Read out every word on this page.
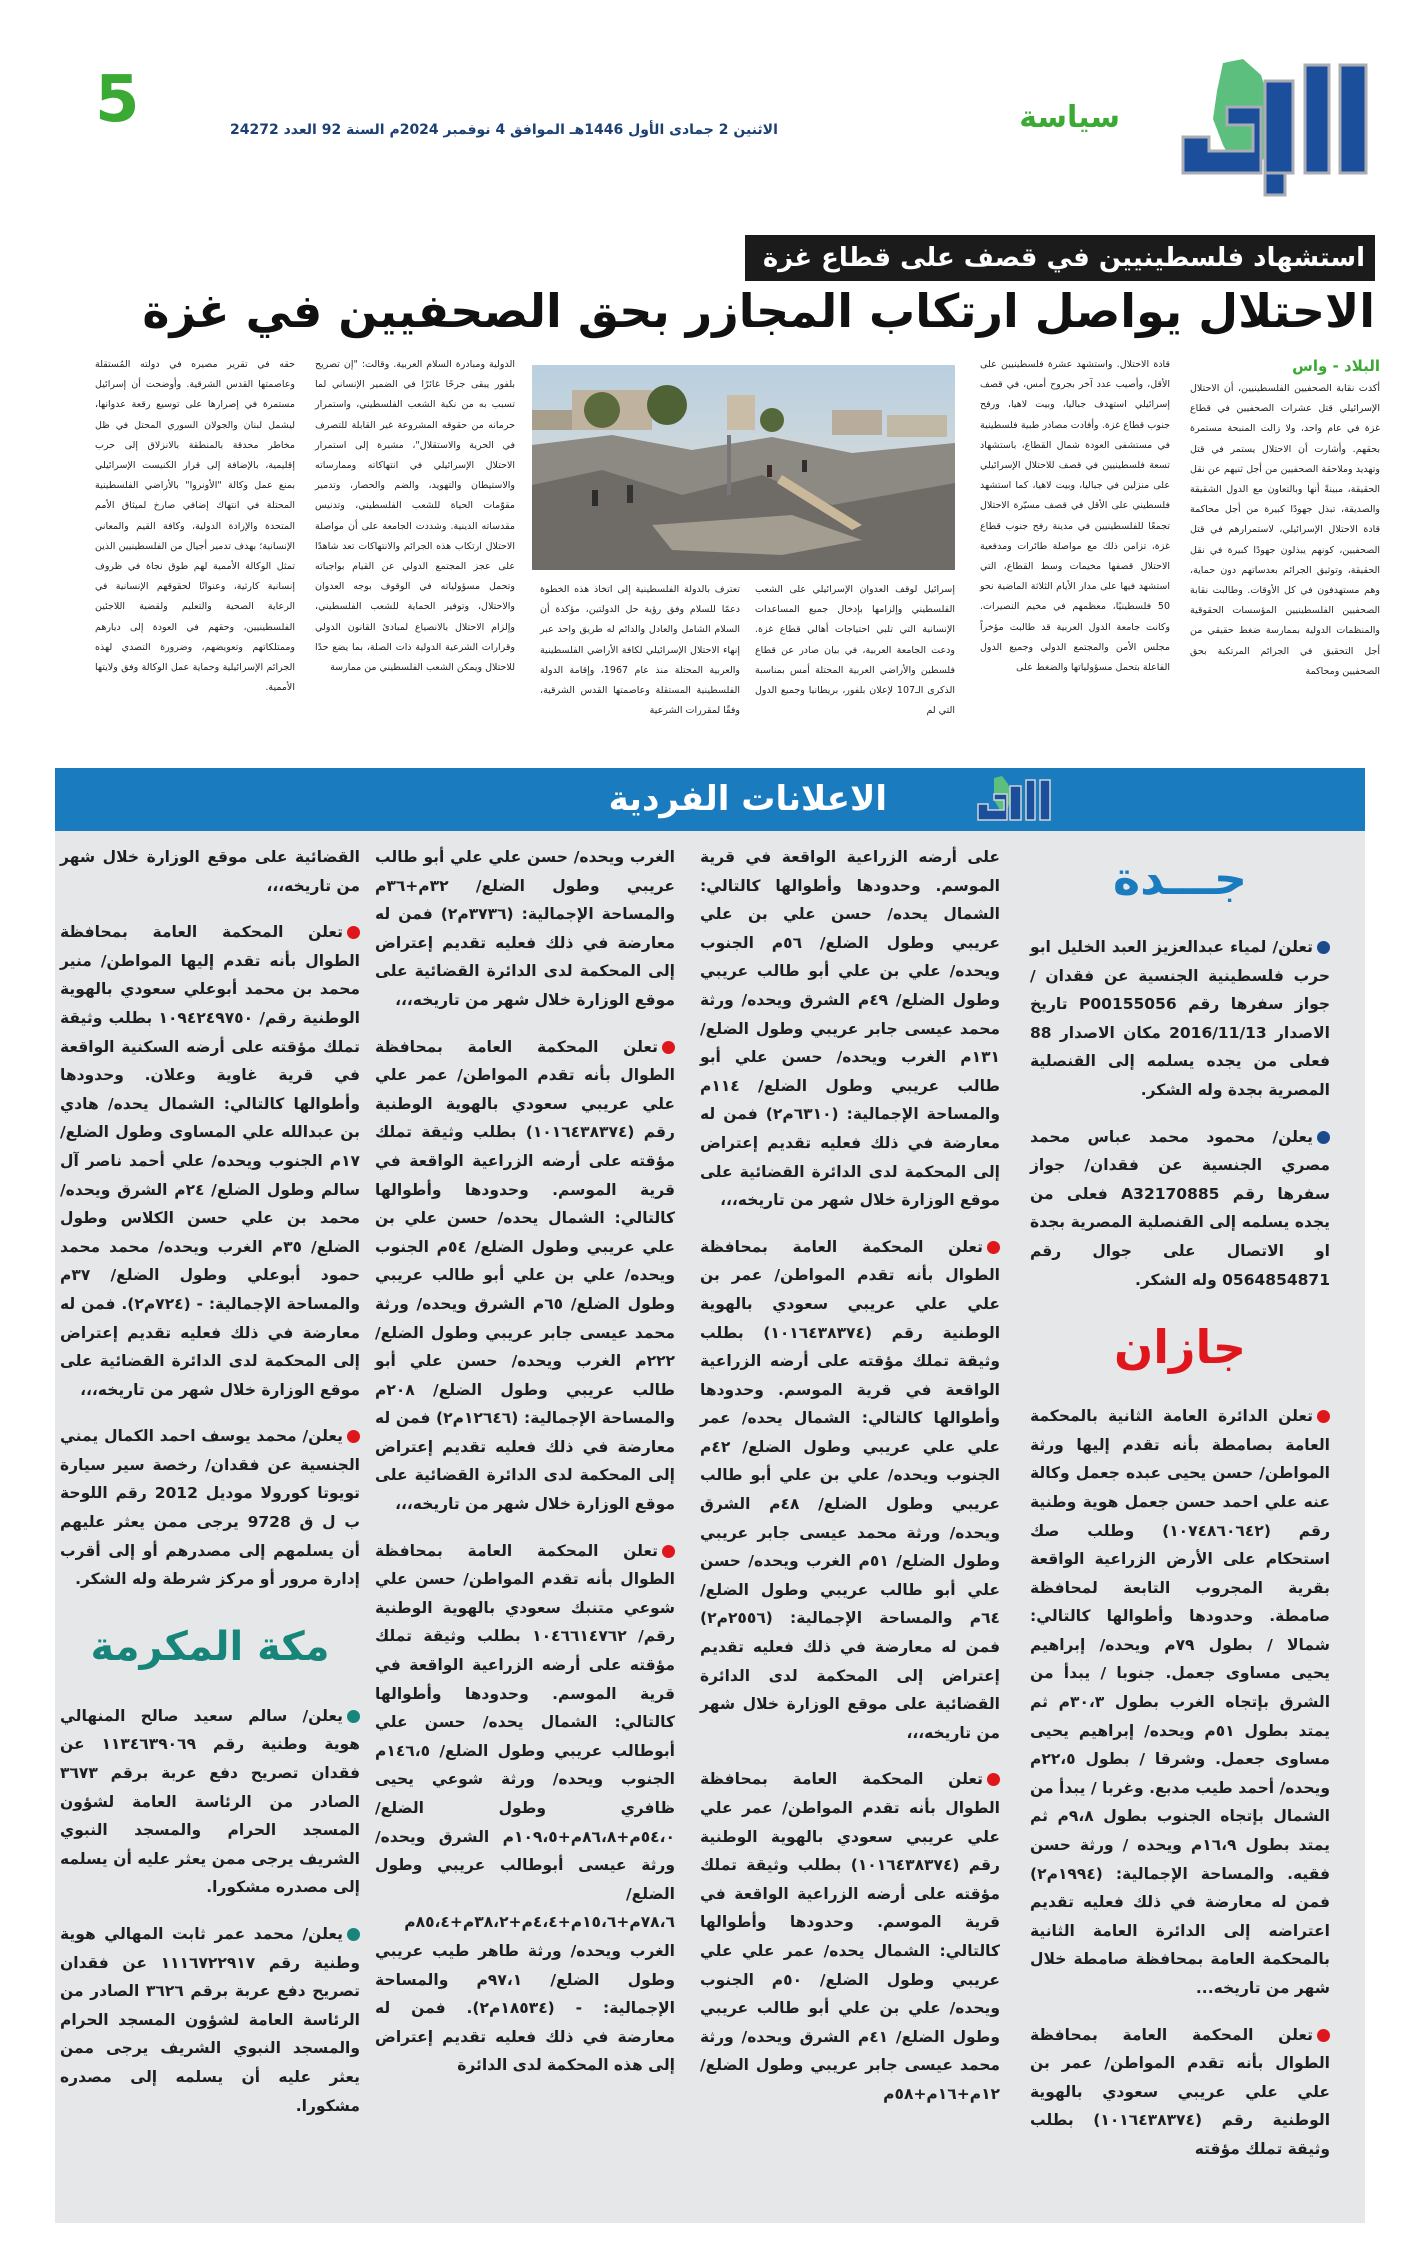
سياسة
الاثنين 2 جمادى الأول 1446هـ الموافق 4 نوفمبر 2024م السنة 92 العدد 24272
5
استشهاد فلسطينيين في قصف على قطاع غزة
الاحتلال يواصل ارتكاب المجازر بحق الصحفيين في غزة
البلاد - واس

أكدت نقابة الصحفيين الفلسطينيين، أن الاحتلال الإسرائيلي قتل عشرات الصحفيين في قطاع غزة في عام واحد، ولا زالت المنبحة مستمرة بحقهم. وأشارت أن الاحتلال يستمر في قتل وتهديد وملاحقة الصحفيين من أجل ثنيهم عن نقل الحقيقة، مبينةً أنها وبالتعاون مع الدول الشقيقة والصديقة، تبذل جهودًا كبيرة من أجل محاكمة قادة الاحتلال الإسرائيلي، لاستمرارهم في قتل الصحفيين، كونهم يبذلون جهودًا كبيرة في نقل الحقيقة، وتوثيق الجرائم بعدساتهم دون حماية، وهم مستهدفون في كل الأوقات. وطالبت نقابة الصحفيين الفلسطينيين المؤسسات الحقوقية والمنظمات الدولية بممارسة ضغط حقيقي من أجل التحقيق في الجرائم المرتكبة بحق الصحفيين ومحاكمة

قادة الاحتلال. واستشهد عشرة فلسطينيين على الأقل، وأصيب عدد آخر بجروح أمس، في قصف إسرائيلي استهدف جباليا، وبيت لاهيا، ورفح جنوب قطاع غزة. وأفادت مصادر طبية فلسطينية في مستشفى العودة شمال القطاع، باستشهاد تسعة فلسطينيين في قصف للاحتلال الإسرائيلي على منزلين في جباليا، وبيت لاهيا، كما استشهد فلسطيني على الأقل في قصف مسيّرة الاحتلال تجمعًا للفلسطينيين في مدينة رفح جنوب قطاع غزة، تزامن ذلك مع مواصلة طائرات ومدفعية الاحتلال قصفها مخيمات وسط القطاع، التي استشهد فيها على مدار الأيام الثلاثة الماضية نحو 50 فلسطينيًا، معظمهم في مخيم النصيرات. وكانت جامعة الدول العربية قد طالبت مؤخراً مجلس الأمن والمجتمع الدولي وجميع الدول الفاعلة بتحمل مسؤولياتها والضغط على

إسرائيل لوقف العدوان الإسرائيلي على الشعب الفلسطيني وإلزامها بإدخال جميع المساعدات الإنسانية التي تلبي احتياجات أهالي قطاع غزة. ودعت الجامعة العربية، في بيان صادر عن قطاع فلسطين والأراضي العربية المحتلة أمس بمناسبة الذكرى الـ107 لإعلان بلفور، بريطانيا وجميع الدول التي لم

تعترف بالدولة الفلسطينية إلى اتخاذ هذه الخطوة دعمًا للسلام وفق رؤية حل الدولتين، مؤكدة أن السلام الشامل والعادل والدائم له طريق واحد عبر إنهاء الاحتلال الإسرائيلي لكافة الأراضي الفلسطينية والعربية المحتلة منذ عام 1967، وإقامة الدولة الفلسطينية المستقلة وعاصمتها القدس الشرقية، وفقًا لمقررات الشرعية

الدولية ومبادرة السلام العربية. وقالت: "إن تصريح بلفور يبقى جرحًا غائرًا في الضمير الإنساني لما تسبب به من نكبة الشعب الفلسطيني، واستمرار حرمانه من حقوقه المشروعة غير القابلة للتصرف في الحرية والاستقلال"، مشيرة إلى استمرار الاحتلال الإسرائيلي في انتهاكاته وممارساته والاستيطان والتهويد، والضم والحصار، وتدمير مقوّمات الحياة للشعب الفلسطيني، وتدنيس مقدساته الدينية. وشددت الجامعة على أن مواصلة الاحتلال ارتكاب هذه الجرائم والانتهاكات تعد شاهدًا على عجز المجتمع الدولي عن القيام بواجباته وتحمل مسؤولياته في الوقوف بوجه العدوان والاحتلال، وتوفير الحماية للشعب الفلسطيني، وإلزام الاحتلال بالانصياع لمبادئ القانون الدولي وقرارات الشرعية الدولية ذات الصلة، بما يضع حدًا للاحتلال ويمكن الشعب الفلسطيني من ممارسة

حقه في تقرير مصيره في دولته المُستقلة وعاصمتها القدس الشرقية. وأوضحت أن إسرائيل مستمرة في إصرارها على توسيع رقعة عدوانها، ليشمل لبنان والجولان السوري المحتل في ظل مخاطر محدقة بالمنطقة بالانزلاق إلى حرب إقليمية، بالإضافة إلى قرار الكنيست الإسرائيلي بمنع عمل وكالة "الأونروا" بالأراضي الفلسطينية المحتلة في انتهاك إضافي صارخ لميثاق الأمم المتحدة والإرادة الدولية، وكافة القيم والمعاني الإنسانية؛ بهدف تدمير أجيال من الفلسطينيين الذين تمثل الوكالة الأممية لهم طوق نجاة في ظروف إنسانية كارثية، وعنوانًا لحقوقهم الإنسانية في الرعاية الصحية والتعليم ولقضية اللاجئين الفلسطينيين، وحقهم في العودة إلى ديارهم وممتلكاتهم وتعويضهم، وضرورة التصدي لهذه الجرائم الإسرائيلية وحماية عمل الوكالة وفق ولايتها الأممية.

الاعلانات الفردية
جـــدة
تعلن/ لمياء عبدالعزيز العبد الخليل ابو حرب فلسطينية الجنسية عن فقدان / جواز سفرها رقم P00155056 تاريخ الاصدار 2016/11/13 مكان الاصدار 88 فعلى من يجده يسلمه إلى القنصلية المصرية بجدة وله الشكر.
يعلن/ محمود محمد عباس محمد مصري الجنسية عن فقدان/ جواز سفرها رقم A32170885 فعلى من يجده يسلمه إلى القنصلية المصرية بجدة او الاتصال على جوال رقم 0564854871 وله الشكر.
جازان
تعلن الدائرة العامة الثانية بالمحكمة العامة بصامطة بأنه تقدم إليها ورثة المواطن/ حسن يحيى عبده جعمل وكالة عنه علي احمد حسن جعمل هوية وطنية رقم (١٠٧٤٨٦٠٦٤٢) وطلب صك استحكام على الأرض الزراعية الواقعة بقرية المجروب التابعة لمحافظة صامطة. وحدودها وأطوالها كالتالي: شمالا / بطول ٧٩م ويحده/ إبراهيم يحيى مساوى جعمل. جنوبا / يبدأ من الشرق بإتجاه الغرب بطول ٣٠،٣م ثم يمتد بطول ٥١م ويحده/ إبراهيم يحيى مساوى جعمل. وشرقا / بطول ٢٢،٥م ويحده/ أحمد طيب مدبع. وغربا / يبدأ من الشمال بإتجاه الجنوب بطول ٩،٨م ثم يمتد بطول ١٦،٩م ويحده / ورثة حسن فقيه. والمساحة الإجمالية: (١٩٩٤م٢) فمن له معارضة في ذلك فعليه تقديم اعتراضه إلى الدائرة العامة الثانية بالمحكمة العامة بمحافظة صامطة خلال شهر من تاريخه...
تعلن المحكمة العامة بمحافظة الطوال بأنه تقدم المواطن/ عمر بن علي علي عريبي سعودي بالهوية الوطنية رقم (١٠١٦٤٣٨٣٧٤) بطلب وثيقة تملك مؤقته
على أرضه الزراعية الواقعة في قرية الموسم. وحدودها وأطوالها كالتالي: الشمال يحده/ حسن علي بن علي عريبي وطول الضلع/ ٥٦م الجنوب ويحده/ علي بن علي أبو طالب عريبي وطول الضلع/ ٤٩م الشرق ويحده/ ورثة محمد عيسى جابر عريبي وطول الضلع/ ١٣١م الغرب ويحده/ حسن علي أبو طالب عريبي وطول الضلع/ ١١٤م والمساحة الإجمالية: (٦٣١٠م٢) فمن له معارضة في ذلك فعليه تقديم إعتراض إلى المحكمة لدى الدائرة القضائية على موقع الوزارة خلال شهر من تاريخه،،،
تعلن المحكمة العامة بمحافظة الطوال بأنه تقدم المواطن/ عمر بن علي علي عريبي سعودي بالهوية الوطنية رقم (١٠١٦٤٣٨٣٧٤) بطلب وثيقة تملك مؤقته على أرضه الزراعية الواقعة في قرية الموسم. وحدودها وأطوالها كالتالي: الشمال يحده/ عمر علي علي عريبي وطول الضلع/ ٤٢م الجنوب ويحده/ علي بن علي أبو طالب عريبي وطول الضلع/ ٤٨م الشرق ويحده/ ورثة محمد عيسى جابر عريبي وطول الضلع/ ٥١م الغرب ويحده/ حسن علي أبو طالب عريبي وطول الضلع/ ٦٤م والمساحة الإجمالية: (٢٥٥٦م٢) فمن له معارضة في ذلك فعليه تقديم إعتراض إلى المحكمة لدى الدائرة القضائية على موقع الوزارة خلال شهر من تاريخه،،،
تعلن المحكمة العامة بمحافظة الطوال بأنه تقدم المواطن/ عمر علي علي عريبي سعودي بالهوية الوطنية رقم (١٠١٦٤٣٨٣٧٤) بطلب وثيقة تملك مؤقته على أرضه الزراعية الواقعة في قرية الموسم. وحدودها وأطوالها كالتالي: الشمال يحده/ عمر علي علي عريبي وطول الضلع/ ٥٠م الجنوب ويحده/ علي بن علي أبو طالب عريبي وطول الضلع/ ٤١م الشرق ويحده/ ورثة محمد عيسى جابر عريبي وطول الضلع/ ١٢م+١٦م+٥٨م
الغرب ويحده/ حسن علي علي أبو طالب عريبي وطول الضلع/ ٣٢م+٣٦م والمساحة الإجمالية: (٣٧٣٦م٢) فمن له معارضة في ذلك فعليه تقديم إعتراض إلى المحكمة لدى الدائرة القضائية على موقع الوزارة خلال شهر من تاريخه،،،
تعلن المحكمة العامة بمحافظة الطوال بأنه تقدم المواطن/ عمر علي علي عريبي سعودي بالهوية الوطنية رقم (١٠١٦٤٣٨٣٧٤) بطلب وثيقة تملك مؤقته على أرضه الزراعية الواقعة في قرية الموسم. وحدودها وأطوالها كالتالي: الشمال يحده/ حسن علي بن علي عريبي وطول الضلع/ ٥٤م الجنوب ويحده/ علي بن علي أبو طالب عريبي وطول الضلع/ ٦٥م الشرق ويحده/ ورثة محمد عيسى جابر عريبي وطول الضلع/ ٢٢٢م الغرب ويحده/ حسن علي أبو طالب عريبي وطول الضلع/ ٢٠٨م والمساحة الإجمالية: (١٢٦٤٦م٢) فمن له معارضة في ذلك فعليه تقديم إعتراض إلى المحكمة لدى الدائرة القضائية على موقع الوزارة خلال شهر من تاريخه،،،
تعلن المحكمة العامة بمحافظة الطوال بأنه تقدم المواطن/ حسن علي شوعي متنبك سعودي بالهوية الوطنية رقم/ ١٠٤٦٦١٤٧٦٢ بطلب وثيقة تملك مؤقته على أرضه الزراعية الواقعة في قرية الموسم. وحدودها وأطوالها كالتالي: الشمال يحده/ حسن علي أبوطالب عريبي وطول الضلع/ ١٤٦،٥م الجنوب ويحده/ ورثة شوعي يحيى ظافري وطول الضلع/ ٥٤،٠م+٨٦،٨م+١٠٩،٥م الشرق ويحده/ ورثة عيسى أبوطالب عريبي وطول الضلع/ ٧٨،٦م+١٥،٦م+٤،٤م+٣٨،٢م+٨٥،٤م الغرب ويحده/ ورثة طاهر طيب عريبي وطول الضلع/ ٩٧،١م والمساحة الإجمالية: - (١٨٥٣٤م٢). فمن له معارضة في ذلك فعليه تقديم إعتراض إلى هذه المحكمة لدى الدائرة
القضائية على موقع الوزارة خلال شهر من تاريخه،،،
تعلن المحكمة العامة بمحافظة الطوال بأنه تقدم إليها المواطن/ منير محمد بن محمد أبوعلي سعودي بالهوية الوطنية رقم/ ١٠٩٤٢٤٩٧٥٠ بطلب وثيقة تملك مؤقته على أرضه السكنية الواقعة في قرية غاوية وعلان. وحدودها وأطوالها كالتالي: الشمال يحده/ هادي بن عبدالله علي المساوى وطول الضلع/ ١٧م الجنوب ويحده/ علي أحمد ناصر آل سالم وطول الضلع/ ٢٤م الشرق ويحده/ محمد بن علي حسن الكلاس وطول الضلع/ ٣٥م الغرب ويحده/ محمد محمد حمود أبوعلي وطول الضلع/ ٣٧م والمساحة الإجمالية: - (٧٢٤م٢). فمن له معارضة في ذلك فعليه تقديم إعتراض إلى المحكمة لدى الدائرة القضائية على موقع الوزارة خلال شهر من تاريخه،،،
يعلن/ محمد يوسف احمد الكمال يمني الجنسية عن فقدان/ رخصة سير سيارة تويوتا كورولا موديل 2012 رقم اللوحة ب ل ق 9728 يرجى ممن يعثر عليهم أن يسلمهم إلى مصدرهم أو إلى أقرب إدارة مرور أو مركز شرطة وله الشكر.
مكة المكرمة
يعلن/ سالم سعيد صالح المنهالي هوية وطنية رقم ١١٣٤٦٣٩٠٦٩ عن فقدان تصريح دفع عربة برقم ٣٦٧٣ الصادر من الرئاسة العامة لشؤون المسجد الحرام والمسجد النبوي الشريف يرجى ممن يعثر عليه أن يسلمه إلى مصدره مشكورا.
يعلن/ محمد عمر ثابت المهالي هوية وطنية رقم ١١١٦٧٢٢٩١٧ عن فقدان تصريح دفع عربة برقم ٣٦٢٦ الصادر من الرئاسة العامة لشؤون المسجد الحرام والمسجد النبوي الشريف يرجى ممن يعثر عليه أن يسلمه إلى مصدره مشكورا.
